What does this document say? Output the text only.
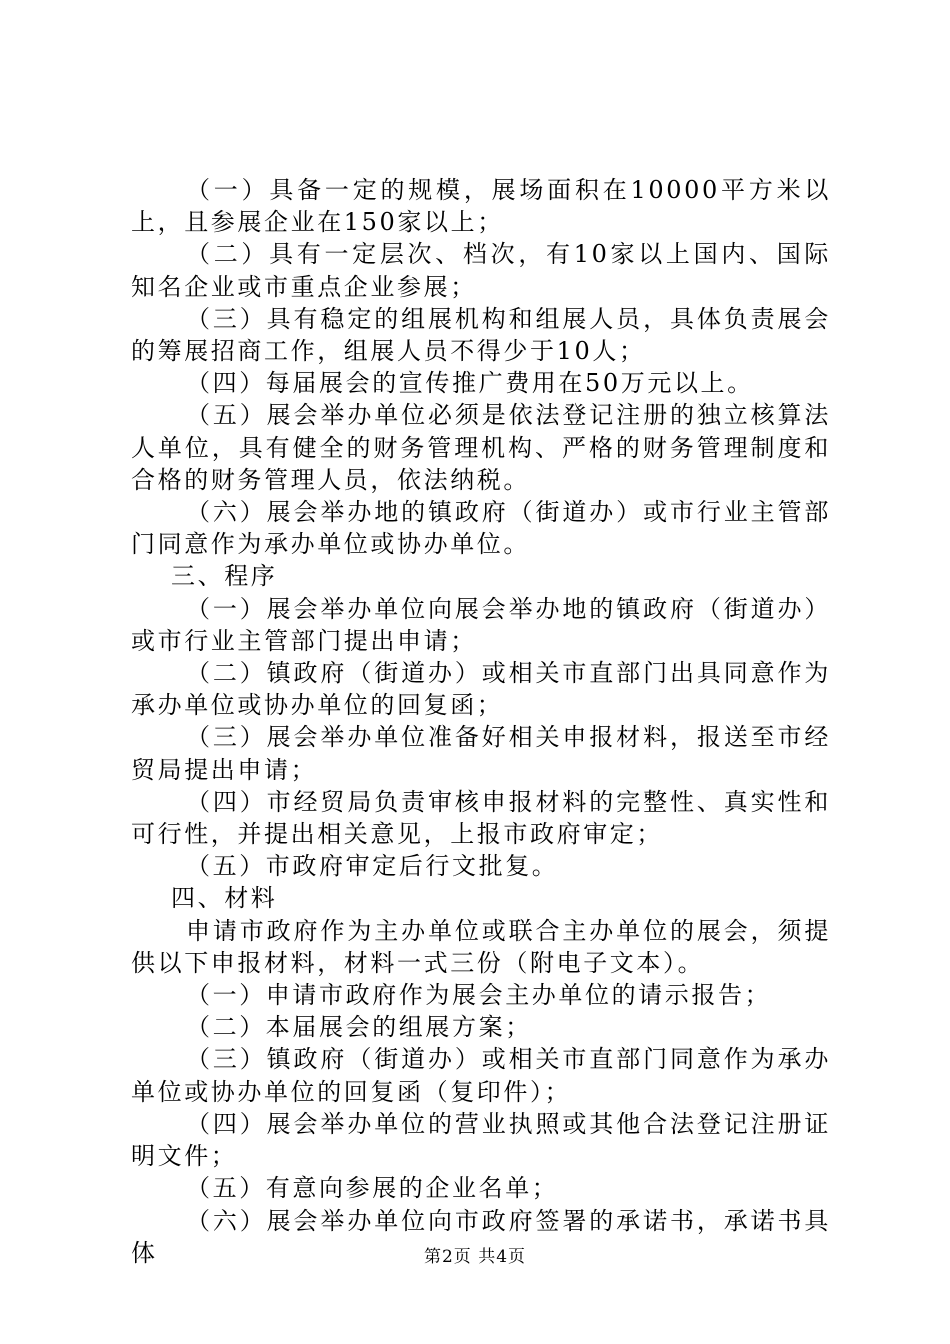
（一）具备一定的规模，展场面积在10000平方米以上，且参展企业在150家以上；

（二）具有一定层次、档次，有10家以上国内、国际知名企业或市重点企业参展；

（三）具有稳定的组展机构和组展人员，具体负责展会的筹展招商工作，组展人员不得少于10人；

（四）每届展会的宣传推广费用在50万元以上。

（五）展会举办单位必须是依法登记注册的独立核算法人单位，具有健全的财务管理机构、严格的财务管理制度和合格的财务管理人员，依法纳税。

（六）展会举办地的镇政府（街道办）或市行业主管部门同意作为承办单位或协办单位。

三、程序

（一）展会举办单位向展会举办地的镇政府（街道办）或市行业主管部门提出申请；

（二）镇政府（街道办）或相关市直部门出具同意作为承办单位或协办单位的回复函；

（三）展会举办单位准备好相关申报材料，报送至市经贸局提出申请；

（四）市经贸局负责审核申报材料的完整性、真实性和可行性，并提出相关意见，上报市政府审定；

（五）市政府审定后行文批复。

四、材料

申请市政府作为主办单位或联合主办单位的展会，须提供以下申报材料，材料一式三份（附电子文本）。

（一）申请市政府作为展会主办单位的请示报告；

（二）本届展会的组展方案；

（三）镇政府（街道办）或相关市直部门同意作为承办单位或协办单位的回复函（复印件）；

（四）展会举办单位的营业执照或其他合法登记注册证明文件；

（五）有意向参展的企业名单；

（六）展会举办单位向市政府签署的承诺书，承诺书具体	第2页 共4页
